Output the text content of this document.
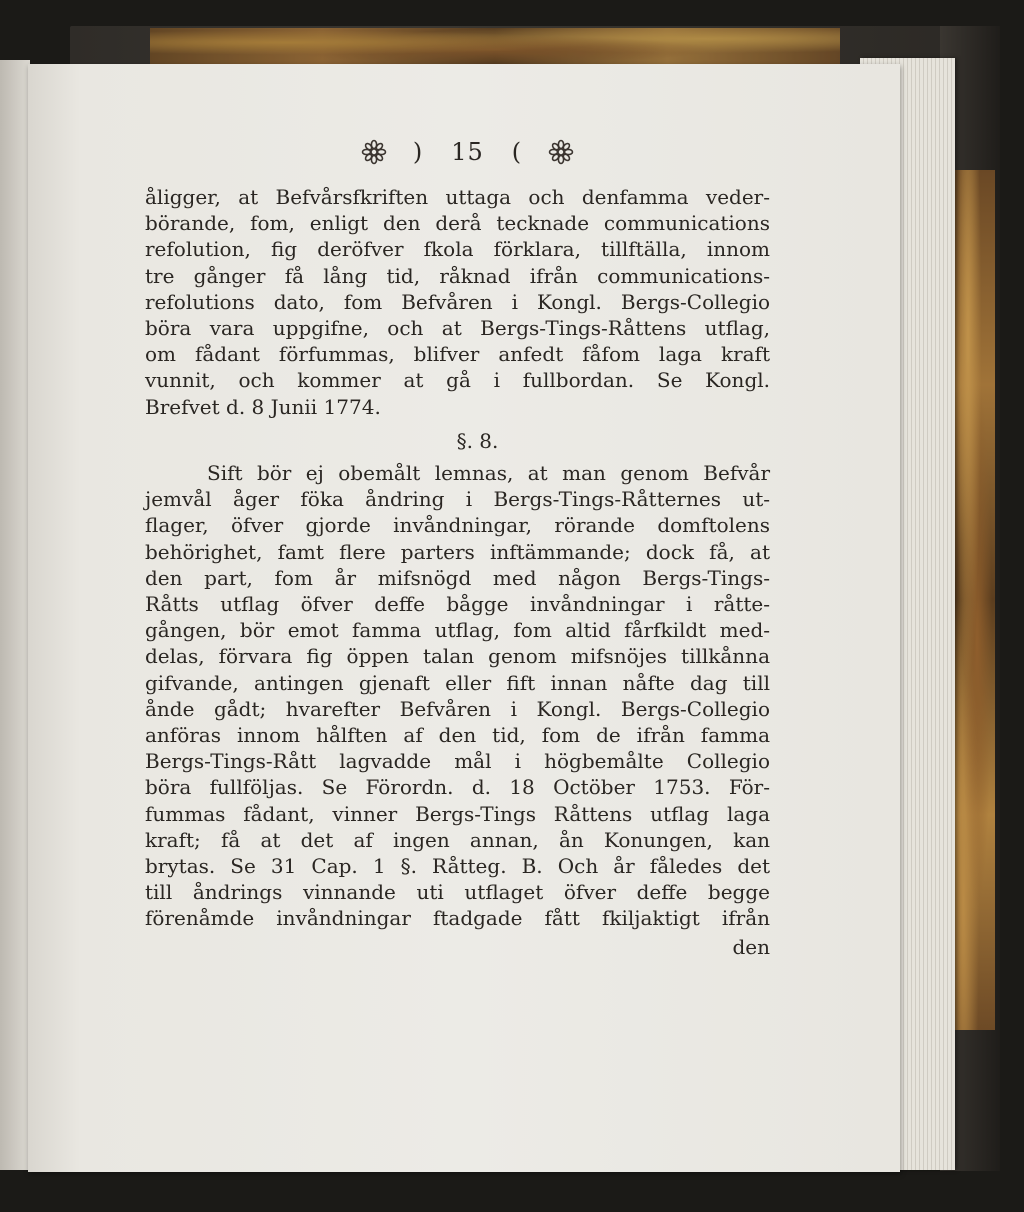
) 15 (
åligger, at Befvårsfkriften uttaga och denfamma veder-
börande, fom, enligt den derå tecknade communications
refolution, fig deröfver fkola förklara, tillftälla, innom
tre gånger få lång tid, råknad ifrån communications-
refolutions dato, fom Befvåren i Kongl. Bergs-Collegio
böra vara uppgifne, och at Bergs-Tings-Råttens utflag,
om fådant förfummas, blifver anfedt fåfom laga kraft
vunnit, och kommer at gå i fullbordan. Se Kongl.
Brefvet d. 8 Junii 1774.
§. 8.
Sift bör ej obemålt lemnas, at man genom Befvår
jemvål åger föka åndring i Bergs-Tings-Råtternes ut-
flager, öfver gjorde invåndningar, rörande domftolens
behörighet, famt flere parters inftämmande; dock få, at
den part, fom år mifsnögd med någon Bergs-Tings-
Råtts utflag öfver deffe bågge invåndningar i råtte-
gången, bör emot famma utflag, fom altid fårfkildt med-
delas, förvara fig öppen talan genom mifsnöjes tillkånna
gifvande, antingen gjenaft eller fift innan nåfte dag till
ånde gådt; hvarefter Befvåren i Kongl. Bergs-Collegio
anföras innom hålften af den tid, fom de ifrån famma
Bergs-Tings-Rått lagvadde mål i högbemålte Collegio
böra fullföljas. Se Förordn. d. 18 Octöber 1753. För-
fummas fådant, vinner Bergs-Tings Råttens utflag laga
kraft; få at det af ingen annan, ån Konungen, kan
brytas. Se 31 Cap. 1 §. Råtteg. B. Och år fåledes det
till åndrings vinnande uti utflaget öfver deffe begge
förenåmde invåndningar ftadgade fått fkiljaktigt ifrån
den
